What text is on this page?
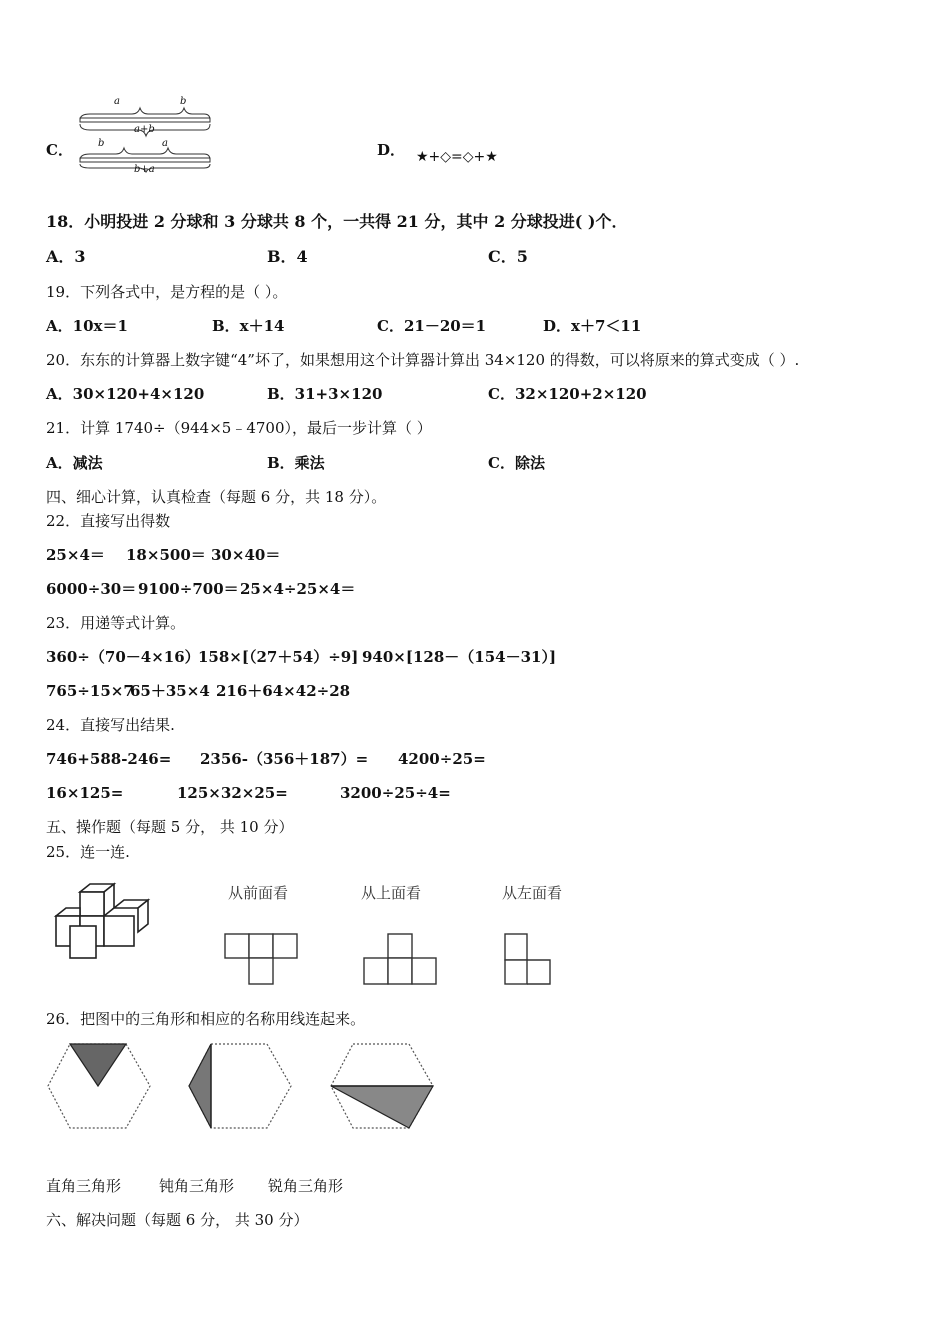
C．
a	b
a+b
b	a
b+a
D． ★+◇=◇+★
18．小明投进 2 分球和 3 分球共 8 个，一共得 21 分，其中 2 分球投进( )个．
A．3	B．4	C．5
19．下列各式中，是方程的是（ ）。
A．10x＝1	B．x＋14	C．21－20＝1	D．x＋7＜11
20．东东的计算器上数字键“4”坏了，如果想用这个计算器计算出 34×120 的得数，可以将原来的算式变成（ ）.
A．30×120+4×120	B．31+3×120	C．32×120+2×120
21．计算 1740÷（944×5﹣4700），最后一步计算（ ）
A．减法	B．乘法	C．除法
四、细心计算，认真检查（每题 6 分，共 18 分）。
22．直接写出得数
25×4＝ 18×500＝ 30×40＝
6000÷30＝ 9100÷700＝ 25×4÷25×4＝
23．用递等式计算。
360÷（70－4×16）
158×[（27＋54）÷9] 940×[128－（154－31）]
765÷15×7
65＋35×4 216＋64×42÷28
24．直接写出结果.
746+588-246= 2356-（356＋187）= 4200÷25=
16×125=	125×32×25=	3200÷25÷4=
五、操作题（每题 5 分， 共 10 分）
25．连一连.
从前面看	从上面看	从左面看
26．把图中的三角形和相应的名称用线连起来。
直角三角形	钝角三角形 锐角三角形
六、解决问题（每题 6 分， 共 30 分）
